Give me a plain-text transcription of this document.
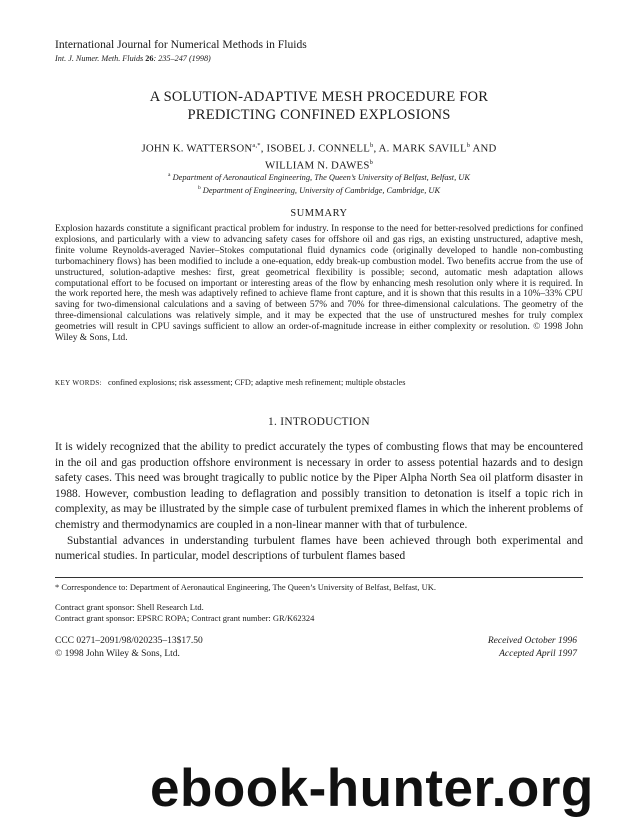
International Journal for Numerical Methods in Fluids
Int. J. Numer. Meth. Fluids 26: 235–247 (1998)
A SOLUTION-ADAPTIVE MESH PROCEDURE FOR
PREDICTING CONFINED EXPLOSIONS
JOHN K. $WATTERSON^{a,*}$, ISOBEL J. CONNELL$^b$, A. MARK SAVILL$^b$ AND
WILLIAM N. DAWES$^b$
$^a$ Department of Aeronautical Engineering, The Queen’s University of Belfast, Belfast, UK
$^b$ Department of Engineering, University of Cambridge, Cambridge, UK
SUMMARY

Explosion hazards constitute a significant practical problem for industry. In response to the need for better-resolved predictions for confined explosions, and particularly with a view to advancing safety cases for offshore oil and gas rigs, an existing unstructured, adaptive mesh, finite volume Reynolds-averaged Navier–Stokes computational fluid dynamics code (originally developed to handle non-combusting turbomachinery flows) has been modified to include a one-equation, eddy break-up combustion model. Two benefits accrue from the use of unstructured, solution-adaptive meshes: first, great geometrical flexibility is possible; second, automatic mesh adaptation allows computational effort to be focused on important or interesting areas of the flow by enhancing mesh resolution only where it is required. In the work reported here, the mesh was adaptively refined to achieve flame front capture, and it is shown that this results in a 10%–33% CPU saving for two-dimensional calculations and a saving of between 57% and 70% for three-dimensional calculations. The geometry of the three-dimensional calculations was relatively simple, and it may be expected that the use of unstructured meshes for truly complex geometries will result in CPU savings sufficient to allow an order-of-magnitude increase in either complexity or resolution. © 1998 John Wiley & Sons, Ltd.

KEY WORDS: confined explosions; risk assessment; CFD; adaptive mesh refinement; multiple obstacles
1. INTRODUCTION

It is widely recognized that the ability to predict accurately the types of combusting flows that may be encountered in the oil and gas production offshore environment is necessary in order to assess potential hazards and to design safety cases. This need was brought tragically to public notice by the Piper Alpha North Sea oil platform disaster in 1988. However, combustion leading to deflagration and possibly transition to detonation is itself a topic rich in complexity, as may be illustrated by the simple case of turbulent premixed flames in which the inherent problems of chemistry and thermodynamics are coupled in a non-linear manner with that of turbulence.

Substantial advances in understanding turbulent flames have been achieved through both experimental and numerical studies. In particular, model descriptions of turbulent flames based

* Correspondence to: Department of Aeronautical Engineering, The Queen’s University of Belfast, Belfast, UK.
Contract grant sponsor: Shell Research Ltd.
Contract grant sponsor: EPSRC ROPA; Contract grant number: GR/K62324
CCC 0271–2091/98/020235–13$17.50
© 1998 John Wiley & Sons, Ltd.
Received October 1996
Accepted April 1997
ebook-hunter.org
